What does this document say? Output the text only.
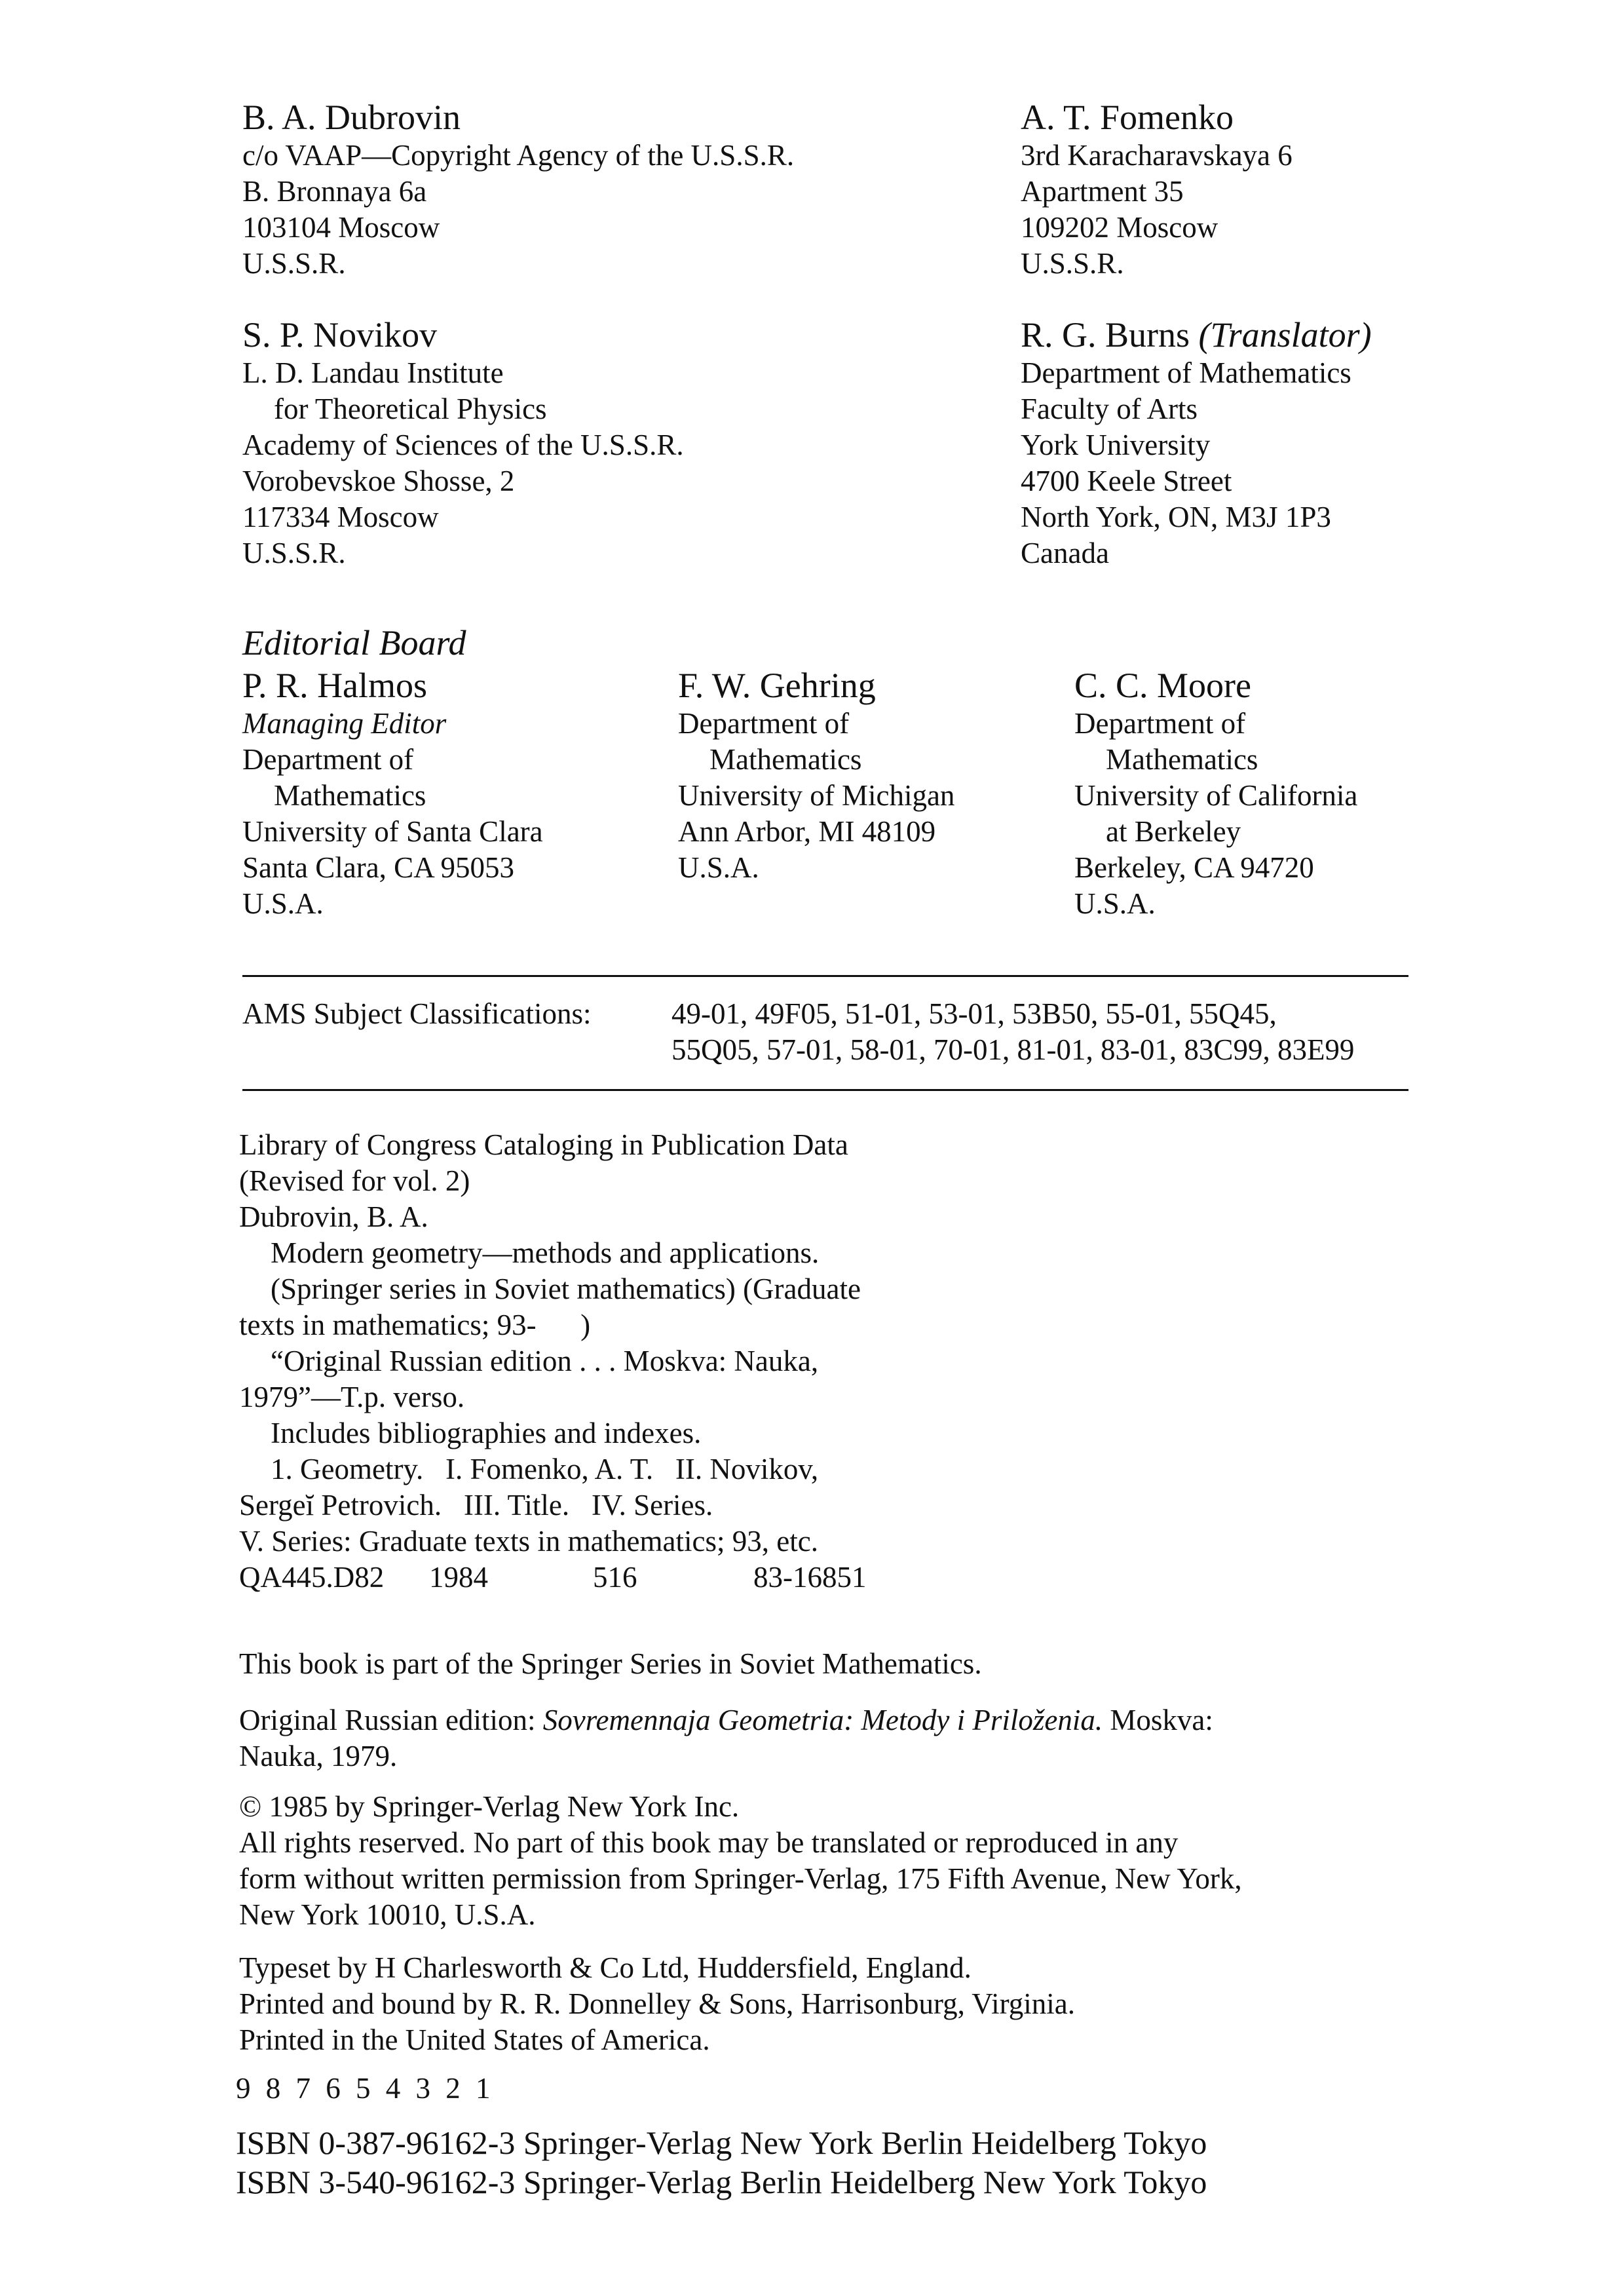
B. A. Dubrovin
c/o VAAP—Copyright Agency of the U.S.S.R.
B. Bronnaya 6a
103104 Moscow
U.S.S.R.
A. T. Fomenko
3rd Karacharavskaya 6
Apartment 35
109202 Moscow
U.S.S.R.
S. P. Novikov
L. D. Landau Institute
for Theoretical Physics
Academy of Sciences of the U.S.S.R.
Vorobevskoe Shosse, 2
117334 Moscow
U.S.S.R.
R. G. Burns (Translator)
Department of Mathematics
Faculty of Arts
York University
4700 Keele Street
North York, ON, M3J 1P3
Canada
Editorial Board
P. R. Halmos
Managing Editor
Department of
Mathematics
University of Santa Clara
Santa Clara, CA 95053
U.S.A.
F. W. Gehring
Department of
Mathematics
University of Michigan
Ann Arbor, MI 48109
U.S.A.
C. C. Moore
Department of
Mathematics
University of California
at Berkeley
Berkeley, CA 94720
U.S.A.
AMS Subject Classifications:	49-01, 49F05, 51-01, 53-01, 53B50, 55-01, 55Q45,
55Q05, 57-01, 58-01, 70-01, 81-01, 83-01, 83C99, 83E99
Library of Congress Cataloging in Publication Data
(Revised for vol. 2)
Dubrovin, B. A.
Modern geometry—methods and applications.
(Springer series in Soviet mathematics) (Graduate
texts in mathematics; 93-      )
“Original Russian edition . . . Moskva: Nauka,
1979”—T.p. verso.
Includes bibliographies and indexes.
1. Geometry.   I. Fomenko, A. T.   II. Novikov,
Sergeĭ Petrovich.   III. Title.   IV. Series.
V. Series: Graduate texts in mathematics; 93, etc.
QA445.D82	1984	516	83-16851
This book is part of the Springer Series in Soviet Mathematics.
Original Russian edition: Sovremennaja Geometria: Metody i Priloženia. Moskva:
Nauka, 1979.
© 1985 by Springer-Verlag New York Inc.
All rights reserved. No part of this book may be translated or reproduced in any
form without written permission from Springer-Verlag, 175 Fifth Avenue, New York,
New York 10010, U.S.A.
Typeset by H Charlesworth & Co Ltd, Huddersfield, England.
Printed and bound by R. R. Donnelley & Sons, Harrisonburg, Virginia.
Printed in the United States of America.
9 8 7 6 5 4 3 2 1
ISBN 0-387-96162-3 Springer-Verlag New York Berlin Heidelberg Tokyo
ISBN 3-540-96162-3 Springer-Verlag Berlin Heidelberg New York Tokyo
